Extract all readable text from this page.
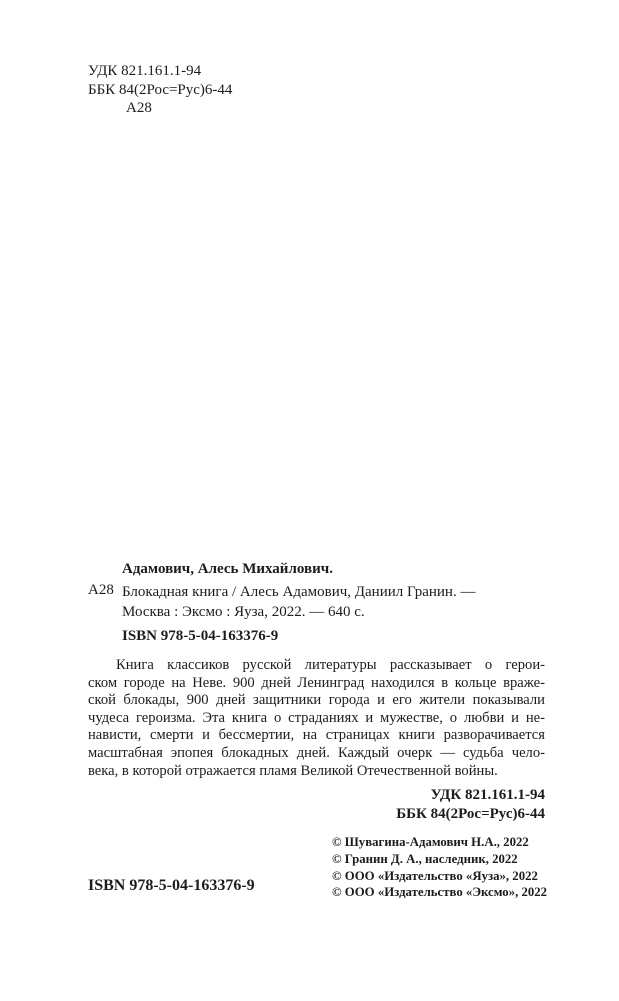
УДК 821.161.1-94
ББК 84(2Рос=Рус)6-44
А28
Адамович, Алесь Михайлович.
А28 Блокадная книга / Алесь Адамович, Даниил Гранин. —
Москва : Эксмо : Яуза, 2022. — 640 с.
ISBN 978-5-04-163376-9
Книга классиков русской литературы рассказывает о герои-
ском городе на Неве. 900 дней Ленинград находился в кольце враже-
ской блокады, 900 дней защитники города и его жители показывали
чудеса героизма. Эта книга о страданиях и мужестве, о любви и не-
нависти, смерти и бессмертии, на страницах книги разворачивается
масштабная эпопея блокадных дней. Каждый очерк — судьба чело-
века, в которой отражается пламя Великой Отечественной войны.
УДК 821.161.1-94
ББК 84(2Рос=Рус)6-44
© Шувагина-Адамович Н.А., 2022
© Гранин Д. А., наследник, 2022
© ООО «Издательство «Яуза», 2022
© ООО «Издательство «Эксмо», 2022
ISBN 978-5-04-163376-9
